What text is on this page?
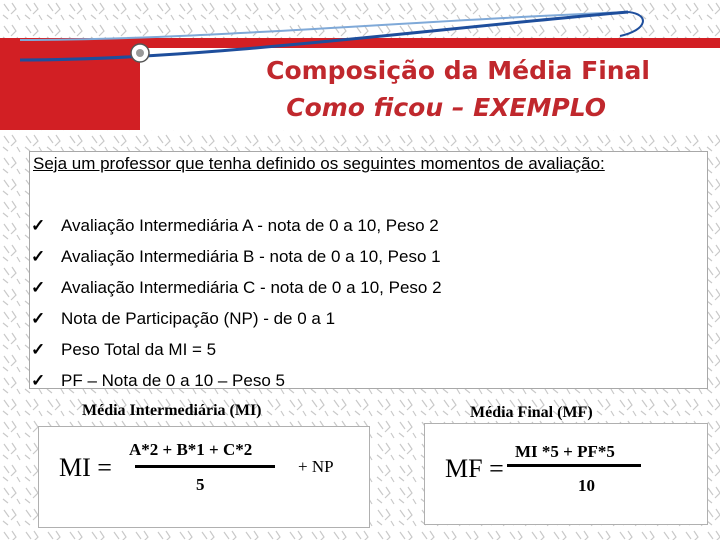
Composição da Média Final
Como ficou – EXEMPLO
Seja um professor que tenha definido os seguintes momentos de avaliação:
✓ Avaliação Intermediária A - nota de 0 a 10, Peso 2
✓ Avaliação Intermediária B - nota de 0 a 10, Peso 1
✓ Avaliação Intermediária C - nota de 0 a 10, Peso 2
✓ Nota de Participação (NP) - de 0 a 1
✓ Peso Total da MI = 5
✓ PF – Nota de 0 a 10 – Peso 5
Média Intermediária (MI)	Média Final (MF)
MI =
A*2 + B*1 + C*2
5
+ NP	MF =
MI *5 + PF*5
10
